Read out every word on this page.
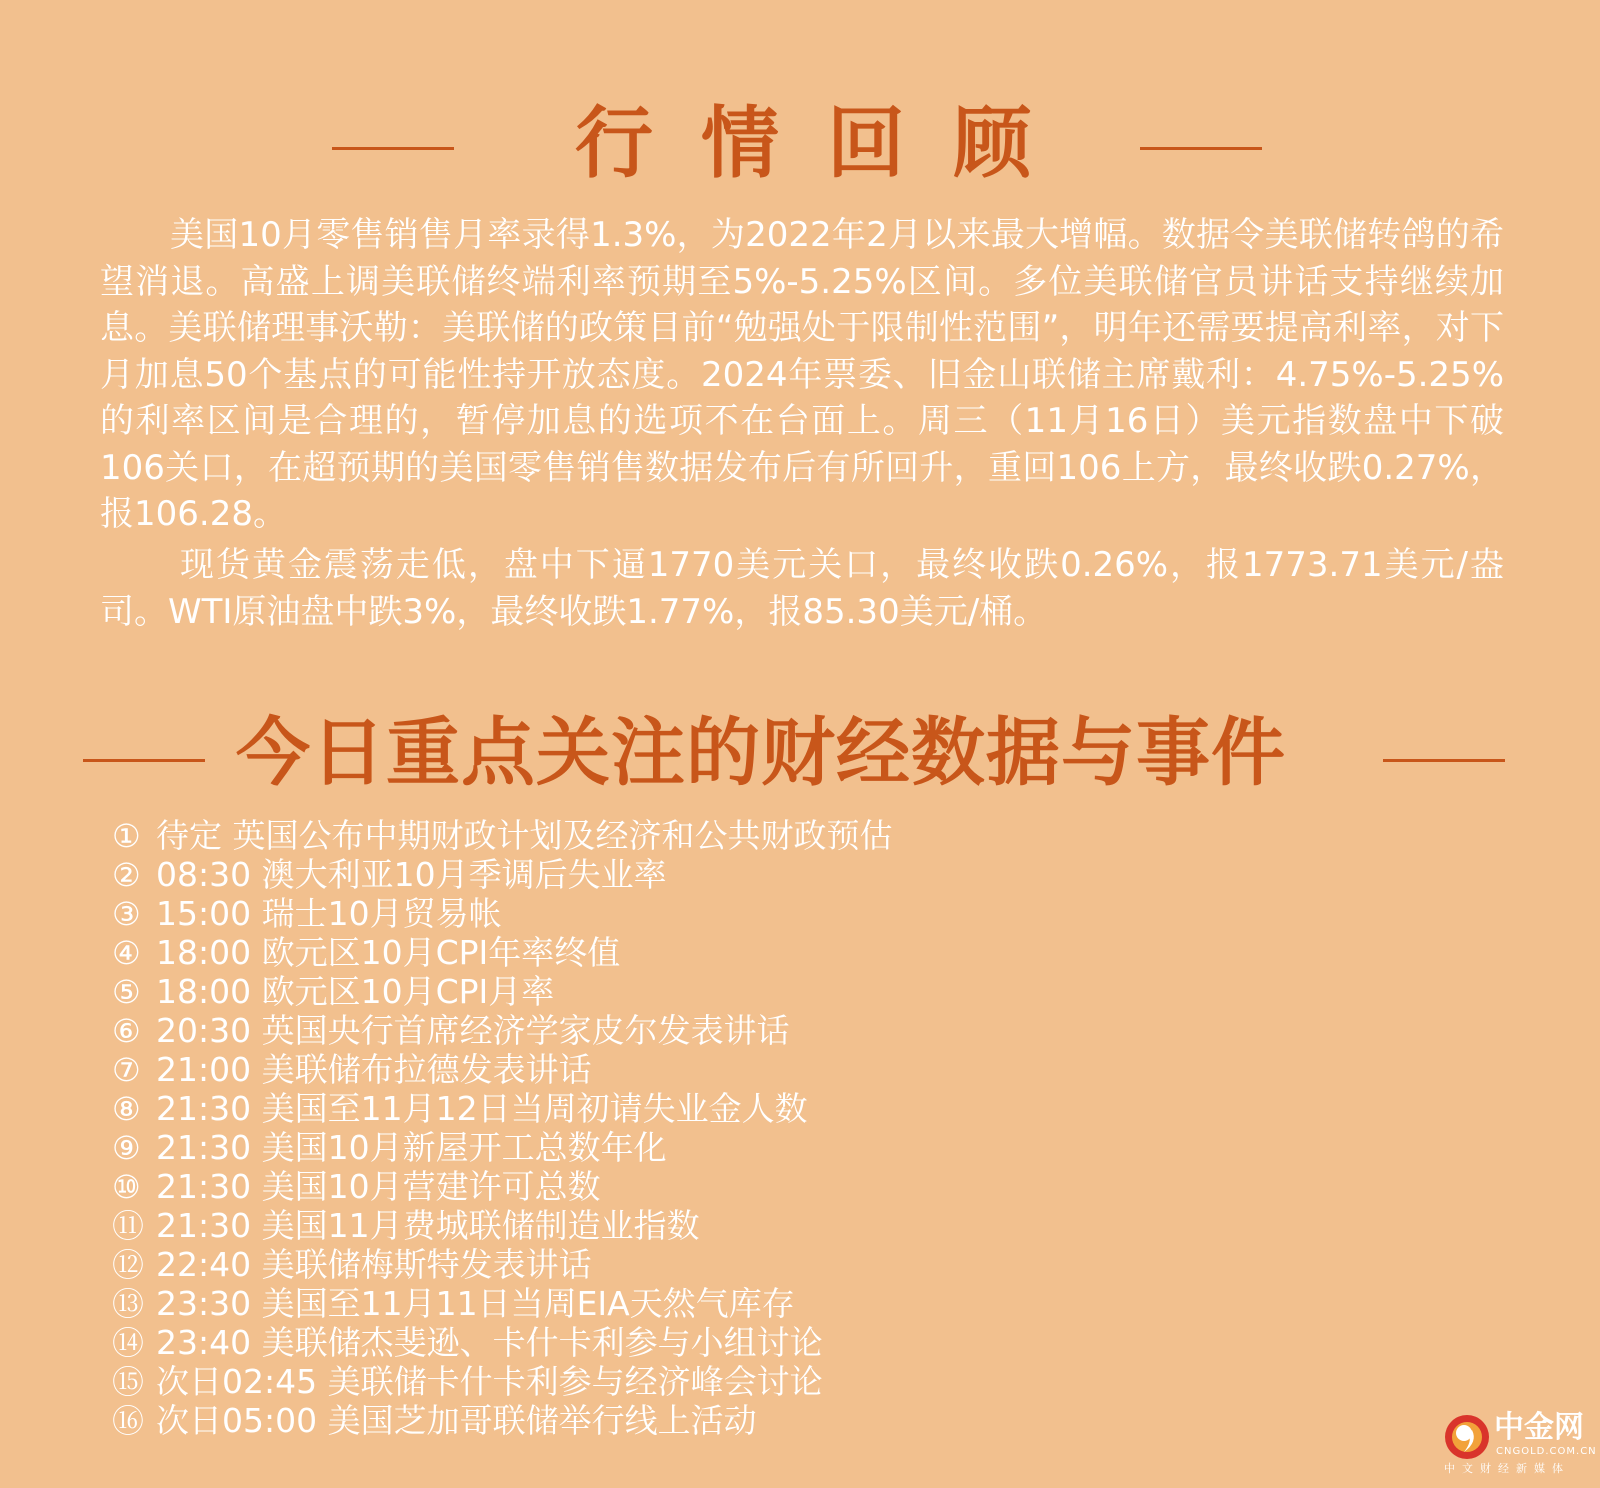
行情回顾

美国10月零售销售月率录得1.3%，为2022年2月以来最大增幅。数据令美联储转鸽的希望消退。高盛上调美联储终端利率预期至5%-5.25%区间。多位美联储官员讲话支持继续加息。美联储理事沃勒：美联储的政策目前“勉强处于限制性范围”，明年还需要提高利率，对下月加息50个基点的可能性持开放态度。2024年票委、旧金山联储主席戴利：4.75%-5.25%的利率区间是合理的，暂停加息的选项不在台面上。周三（11月16日）美元指数盘中下破106关口，在超预期的美国零售销售数据发布后有所回升，重回106上方，最终收跌0.27%，报106.28。

现货黄金震荡走低，盘中下逼1770美元关口，最终收跌0.26%，报1773.71美元/盎司。WTI原油盘中跌3%，最终收跌1.77%，报85.30美元/桶。

今日重点关注的财经数据与事件
① 待定 英国公布中期财政计划及经济和公共财政预估
② 08:30 澳大利亚10月季调后失业率
③ 15:00 瑞士10月贸易帐
④ 18:00 欧元区10月CPI年率终值
⑤ 18:00 欧元区10月CPI月率
⑥ 20:30 英国央行首席经济学家皮尔发表讲话
⑦ 21:00 美联储布拉德发表讲话
⑧ 21:30 美国至11月12日当周初请失业金人数
⑨ 21:30 美国10月新屋开工总数年化
⑩ 21:30 美国10月营建许可总数
⑪ 21:30 美国11月费城联储制造业指数
⑫ 22:40 美联储梅斯特发表讲话
⑬ 23:30 美国至11月11日当周EIA天然气库存
⑭ 23:40 美联储杰斐逊、卡什卡利参与小组讨论
⑮ 次日02:45 美联储卡什卡利参与经济峰会讨论
⑯ 次日05:00 美国芝加哥联储举行线上活动	中金网
CNGOLD.COM.CN
中文财经新媒体
